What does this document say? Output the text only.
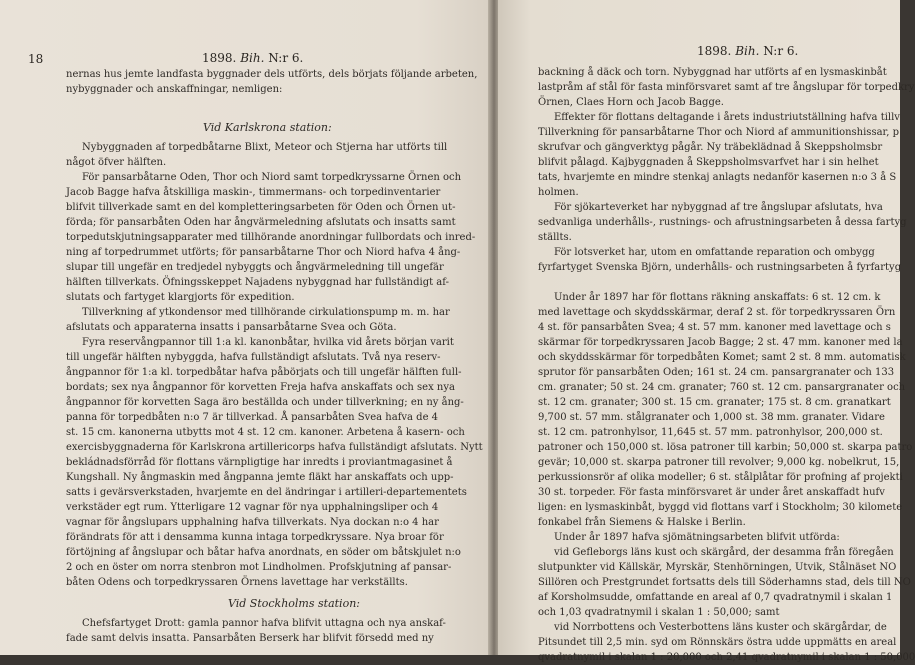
18	1898. Bih. N:r 6.
nernas hus jemte landfasta byggnader dels utförts, dels börjats följande arbeten,
nybyggnader och anskaffningar, nemligen:
Vid Karlskrona station:
Nybyggnaden af torpedbåtarne Blixt, Meteor och Stjerna har utförts till
något öfver hälften.
För pansarbåtarne Oden, Thor och Niord samt torpedkryssarne Örnen och
Jacob Bagge hafva åtskilliga maskin-, timmermans- och torpedinventarier
blifvit tillverkade samt en del kompletteringsarbeten för Oden och Örnen ut-
förda; för pansarbåten Oden har ångvärmeledning afslutats och insatts samt
torpedutskjutningsapparater med tillhörande anordningar fullbordats och inred-
ning af torpedrummet utförts; för pansarbåtarne Thor och Niord hafva 4 ång-
slupar till ungefär en tredjedel nybyggts och ångvärmeledning till ungefär
hälften tillverkats. Öfningsskeppet Najadens nybyggnad har fullständigt af-
slutats och fartyget klargjorts för expedition.
Tillverkning af ytkondensor med tillhörande cirkulationspump m. m. har
afslutats och apparaterna insatts i pansarbåtarne Svea och Göta.
Fyra reservångpannor till 1:a kl. kanonbåtar, hvilka vid årets början varit
till ungefär hälften nybyggda, hafva fullständigt afslutats. Två nya reserv-
ångpannor för 1:a kl. torpedbåtar hafva påbörjats och till ungefär hälften full-
bordats; sex nya ångpannor för korvetten Freja hafva anskaffats och sex nya
ångpannor för korvetten Saga äro beställda och under tillverkning; en ny ång-
panna för torpedbåten n:o 7 är tillverkad. Å pansarbåten Svea hafva de 4
st. 15 cm. kanonerna utbytts mot 4 st. 12 cm. kanoner. Arbetena å kasern- och
exercisbyggnaderna för Karlskrona artillericorps hafva fullständigt afslutats. Nytt
bekládnadsförråd för flottans värnpligtige har inredts i proviantmagasinet å
Kungshall. Ny ångmaskin med ångpanna jemte fläkt har anskaffats och upp-
satts i gevärsverkstaden, hvarjemte en del ändringar i artilleri-departementets
verkstäder egt rum. Ytterligare 12 vagnar för nya upphalningsliper och 4
vagnar för ångslupars upphalning hafva tillverkats. Nya dockan n:o 4 har
förändrats för att i densamma kunna intaga torpedkryssare. Nya broar för
förtöjning af ångslupar och båtar hafva anordnats, en söder om båtskjulet n:o
2 och en öster om norra stenbron mot Lindholmen. Profskjutning af pansar-
båten Odens och torpedkryssaren Örnens lavettage har verkställts.
Vid Stockholms station:
Chefsfartyget Drott: gamla pannor hafva blifvit uttagna och nya anskaf-
fade samt delvis insatta. Pansarbåten Berserk har blifvit försedd med ny
1898. Bih. N:r 6.
backning å däck och torn. Nybyggnad har utförts af en lysmaskinbåt
lastpråm af stål för fasta minförsvaret samt af tre ångslupar för torpedkry
Örnen, Claes Horn och Jacob Bagge.
Effekter för flottans deltagande i årets industriutställning hafva tillv
Tillverkning för pansarbåtarne Thor och Niord af ammunitionshissar, p
skrufvar och gängverktyg pågår. Ny träbeklädnad å Skeppsholmsbr
blifvit pålagd. Kajbyggnaden å Skeppsholmsvarfvet har i sin helhet
tats, hvarjemte en mindre stenkaj anlagts nedanför kasernen n:o 3 å S
holmen.
För sjökarteverket har nybyggnad af tre ångslupar afslutats, hva
sedvanliga underhålls-, rustnings- och afrustningsarbeten å dessa fartyg
ställts.
För lotsverket har, utom en omfattande reparation och ombygg
fyrfartyget Svenska Björn, underhålls- och rustningsarbeten å fyrfartyg
Under år 1897 har för flottans räkning anskaffats: 6 st. 12 cm. k
med lavettage och skyddsskärmar, deraf 2 st. för torpedkryssaren Örn
4 st. för pansarbåten Svea; 4 st. 57 mm. kanoner med lavettage och s
skärmar för torpedkryssaren Jacob Bagge; 2 st. 47 mm. kanoner med la
och skyddsskärmar för torpedbåten Komet; samt 2 st. 8 mm. automatisk
sprutor för pansarbåten Oden; 161 st. 24 cm. pansargranater och 133
cm. granater; 50 st. 24 cm. granater; 760 st. 12 cm. pansargranater och
st. 12 cm. granater; 300 st. 15 cm. granater; 175 st. 8 cm. granatkart
9,700 st. 57 mm. stålgranater och 1,000 st. 38 mm. granater. Vidare
st. 12 cm. patronhylsor, 11,645 st. 57 mm. patronhylsor, 200,000 st.
patroner och 150,000 st. lösa patroner till karbin; 50,000 st. skarpa patro
gevär; 10,000 st. skarpa patroner till revolver; 9,000 kg. nobelkrut, 15,
perkussionsrör af olika modeller; 6 st. stålplåtar för profning af projekti
30 st. torpeder. För fasta minförsvaret är under året anskaffadt hufv
ligen: en lysmaskinbåt, byggd vid flottans varf i Stockholm; 30 kilomete
fonkabel från Siemens & Halske i Berlin.
Under år 1897 hafva sjömätningsarbeten blifvit utförda:
vid Gefleborgs läns kust och skärgård, der desamma från föregåen
slutpunkter vid Källskär, Myrskär, Stenhörningen, Utvik, Stålnäset NO
Sillören och Prestgrundet fortsatts dels till Söderhamns stad, dels till NO
af Korsholmsudde, omfattande en areal af 0,7 qvadratnymil i skalan 1
och 1,03 qvadratnymil i skalan 1 : 50,000; samt
vid Norrbottens och Vesterbottens läns kuster och skärgårdar, de
Pitsundet till 2,5 min. syd om Rönnskärs östra udde uppmätts en areal
qvadratnymil i skalan 1 : 20,000 och 2,41 qvadratnymil i skalan 1 : 50,000
